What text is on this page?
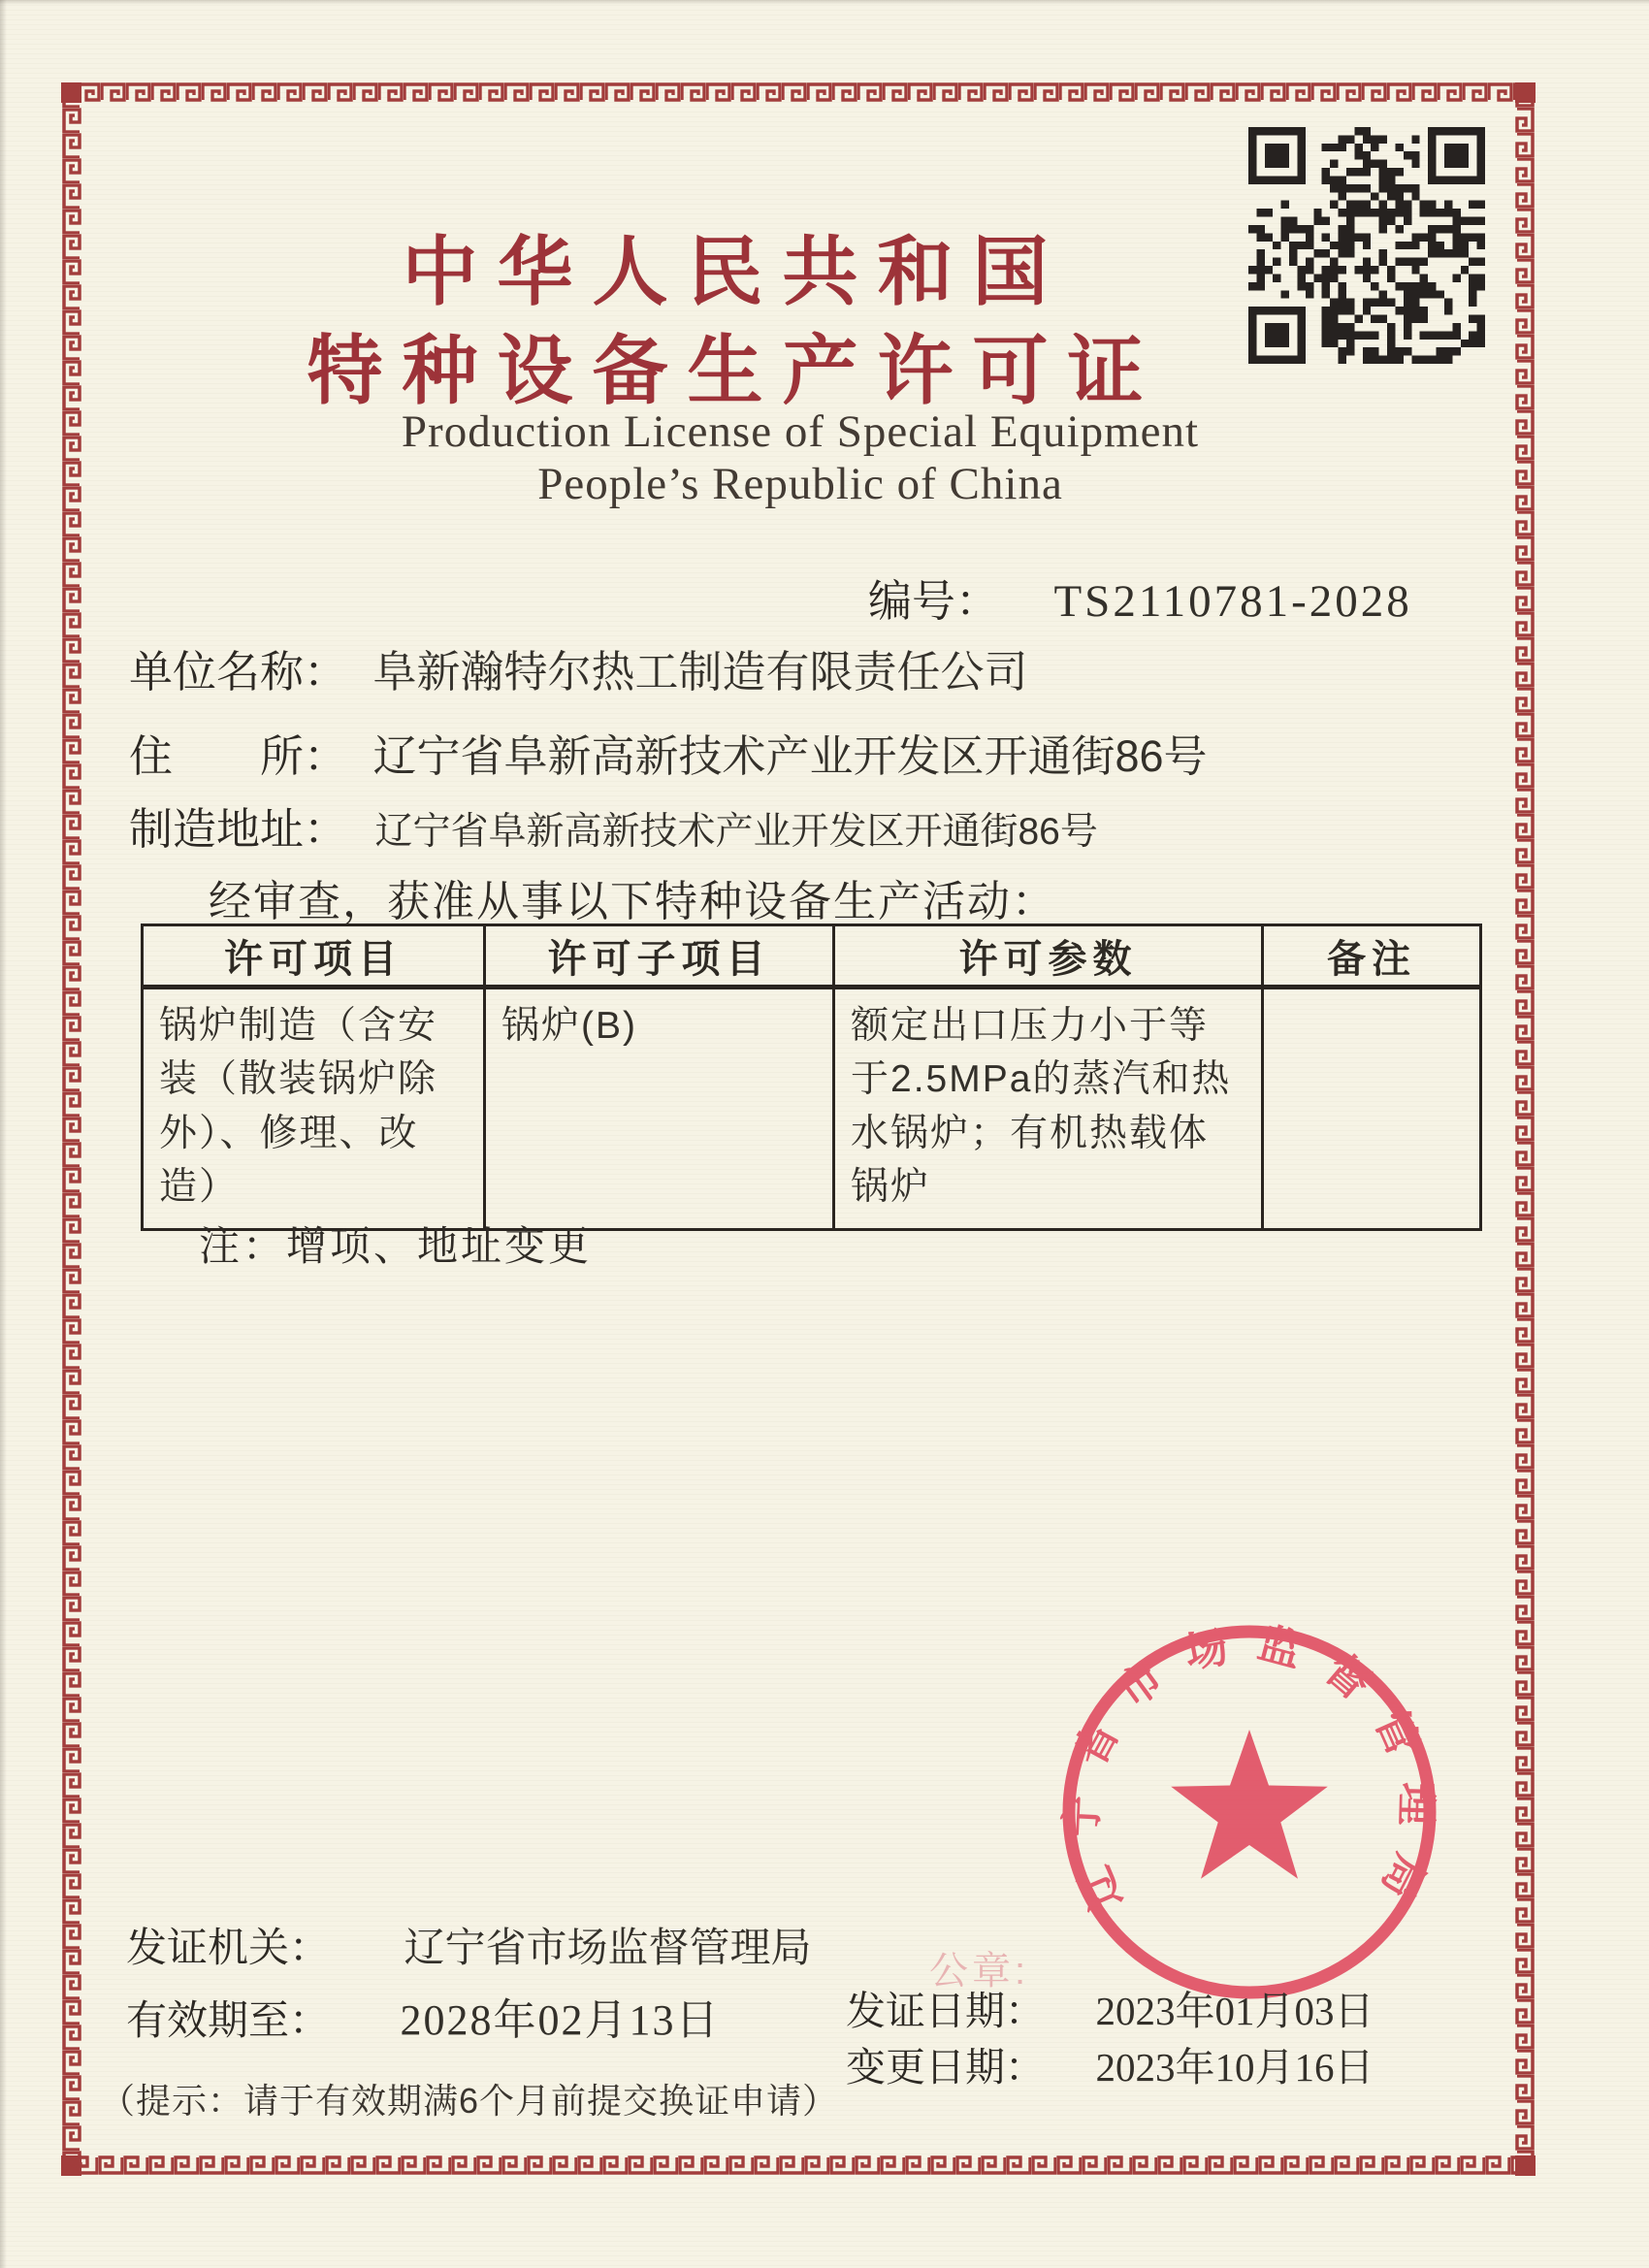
中华人民共和国
特种设备生产许可证
Production License of Special Equipment
People’s Republic of China
编号： TS2110781-2028
单位名称： 阜新瀚特尔热工制造有限责任公司
住　　所： 辽宁省阜新高新技术产业开发区开通街86号
制造地址： 辽宁省阜新高新技术产业开发区开通街86号
经审查，获准从事以下特种设备生产活动：
许可项目	许可子项目	许可参数	备注
锅炉制造（含安装（散装锅炉除外）、修理、改造）	锅炉(B)	额定出口压力小于等于2.5MPa的蒸汽和热水锅炉；有机热载体锅炉	
注：增项、地址变更
辽宁省市场监督管理局
发证机关： 辽宁省市场监督管理局
有效期至： 2028年02月13日
公章:
发证日期： 2023年01月03日
变更日期： 2023年10月16日
（提示：请于有效期满6个月前提交换证申请）
